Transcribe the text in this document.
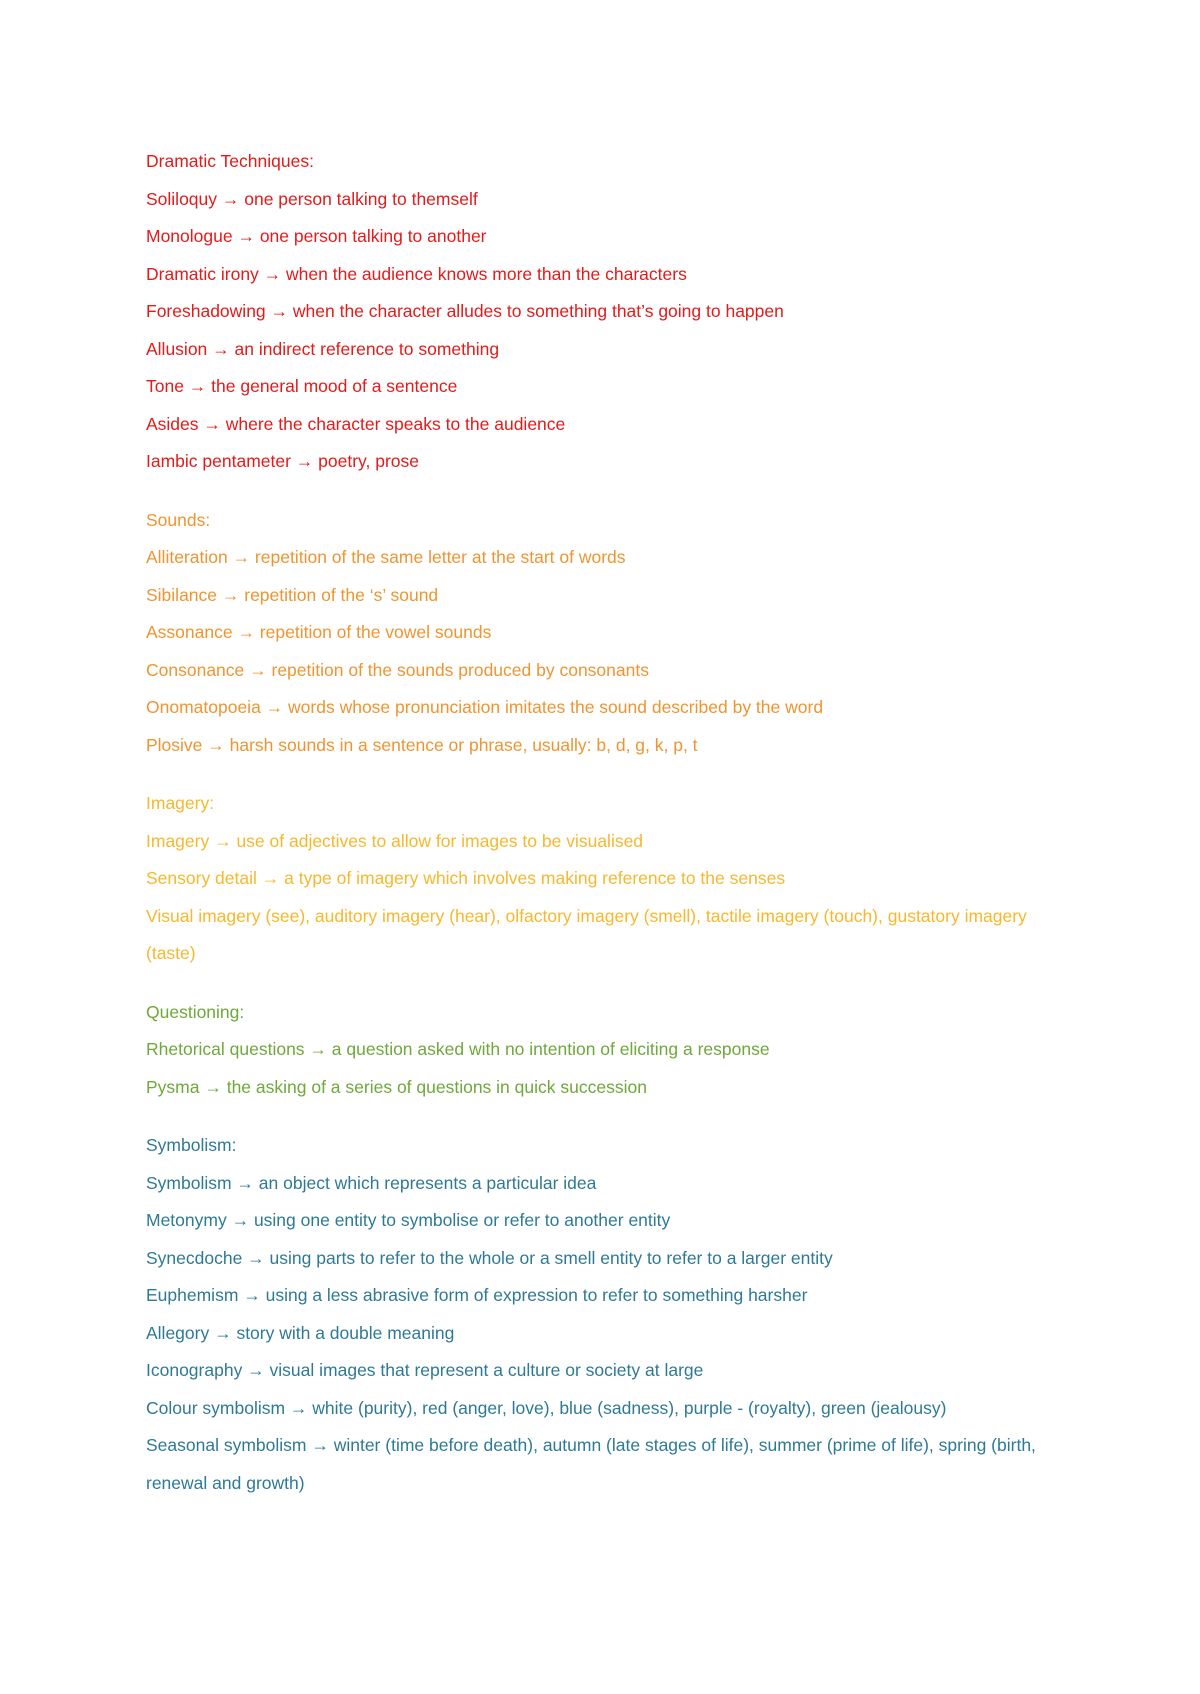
Dramatic Techniques:
Soliloquy → one person talking to themself
Monologue → one person talking to another
Dramatic irony → when the audience knows more than the characters
Foreshadowing → when the character alludes to something that’s going to happen
Allusion → an indirect reference to something
Tone → the general mood of a sentence
Asides → where the character speaks to the audience
Iambic pentameter → poetry, prose
Sounds:
Alliteration → repetition of the same letter at the start of words
Sibilance → repetition of the ‘s’ sound
Assonance → repetition of the vowel sounds
Consonance → repetition of the sounds produced by consonants
Onomatopoeia → words whose pronunciation imitates the sound described by the word
Plosive → harsh sounds in a sentence or phrase, usually: b, d, g, k, p, t
Imagery:
Imagery → use of adjectives to allow for images to be visualised
Sensory detail → a type of imagery which involves making reference to the senses
Visual imagery (see), auditory imagery (hear), olfactory imagery (smell), tactile imagery (touch), gustatory imagery (taste)
Questioning:
Rhetorical questions → a question asked with no intention of eliciting a response
Pysma → the asking of a series of questions in quick succession
Symbolism:
Symbolism → an object which represents a particular idea
Metonymy → using one entity to symbolise or refer to another entity
Synecdoche → using parts to refer to the whole or a smell entity to refer to a larger entity
Euphemism → using a less abrasive form of expression to refer to something harsher
Allegory → story with a double meaning
Iconography → visual images that represent a culture or society at large
Colour symbolism → white (purity), red (anger, love), blue (sadness), purple - (royalty), green (jealousy)
Seasonal symbolism → winter (time before death), autumn (late stages of life), summer (prime of life), spring (birth, renewal and growth)
